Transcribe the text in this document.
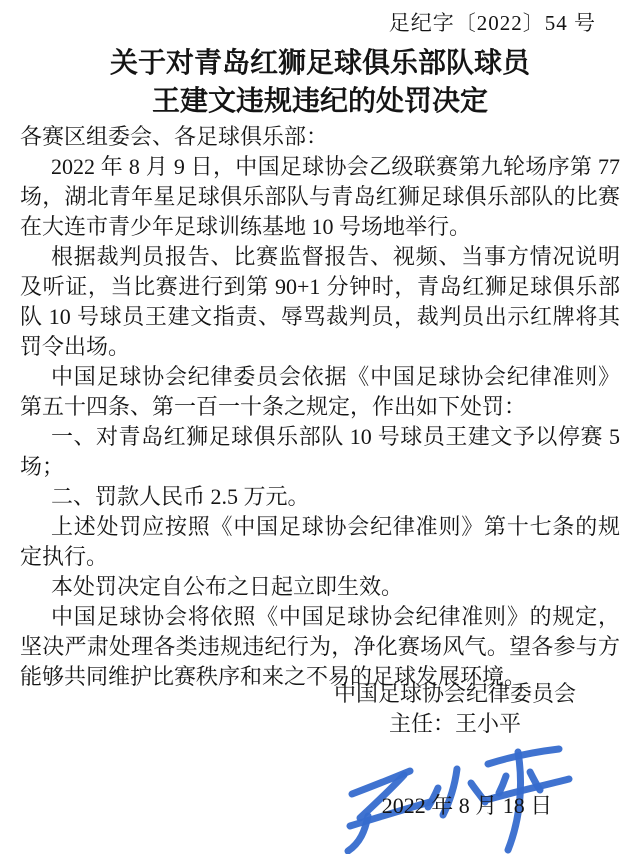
足纪字〔2022〕54 号
关于对青岛红狮足球俱乐部队球员
王建文违规违纪的处罚决定

各赛区组委会、各足球俱乐部：

2022 年 8 月 9 日，中国足球协会乙级联赛第九轮场序第 77 场，湖北青年星足球俱乐部队与青岛红狮足球俱乐部队的比赛在大连市青少年足球训练基地 10 号场地举行。

根据裁判员报告、比赛监督报告、视频、当事方情况说明及听证，当比赛进行到第 90+1 分钟时，青岛红狮足球俱乐部队 10 号球员王建文指责、辱骂裁判员，裁判员出示红牌将其罚令出场。

中国足球协会纪律委员会依据《中国足球协会纪律准则》第五十四条、第一百一十条之规定，作出如下处罚：

一、对青岛红狮足球俱乐部队 10 号球员王建文予以停赛 5 场；

二、罚款人民币 2.5 万元。

上述处罚应按照《中国足球协会纪律准则》第十七条的规定执行。

本处罚决定自公布之日起立即生效。

中国足球协会将依照《中国足球协会纪律准则》的规定，坚决严肃处理各类违规违纪行为，净化赛场风气。望各参与方能够共同维护比赛秩序和来之不易的足球发展环境。

中国足球协会纪律委员会
主任：王小平
2022 年 8 月 18 日
